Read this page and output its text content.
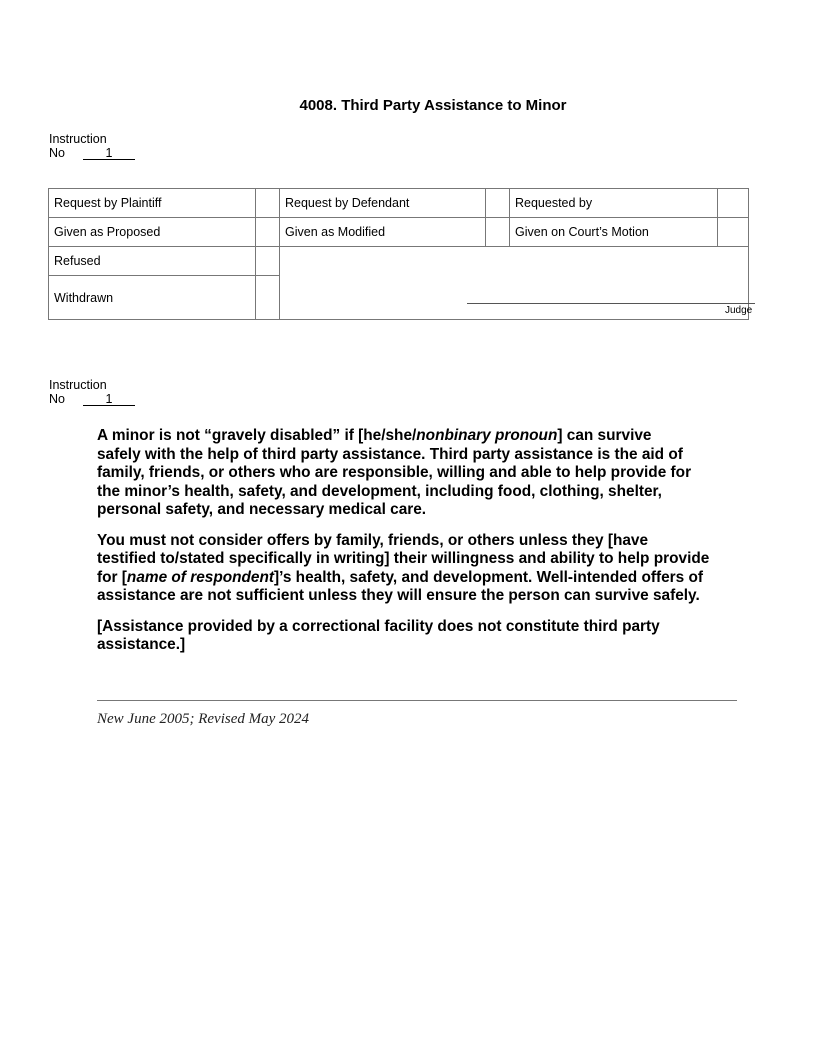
4008. Third Party Assistance to Minor
Instruction
No	1
Request by Plaintiff		Request by Defendant		Requested by	
Given as Proposed		Given as Modified		Given on Court’s Motion	
Refused					
Withdrawn					
Judge
Instruction
No	1

A minor is not “gravely disabled” if [he/she/nonbinary pronoun] can survive
safely with the help of third party assistance. Third party assistance is the aid of
family, friends, or others who are responsible, willing and able to help provide for
the minor’s health, safety, and development, including food, clothing, shelter,
personal safety, and necessary medical care.

You must not consider offers by family, friends, or others unless they [have
testified to/stated specifically in writing] their willingness and ability to help provide
for [name of respondent]’s health, safety, and development. Well-intended offers of
assistance are not sufficient unless they will ensure the person can survive safely.

[Assistance provided by a correctional facility does not constitute third party
assistance.]

New June 2005; Revised May 2024
